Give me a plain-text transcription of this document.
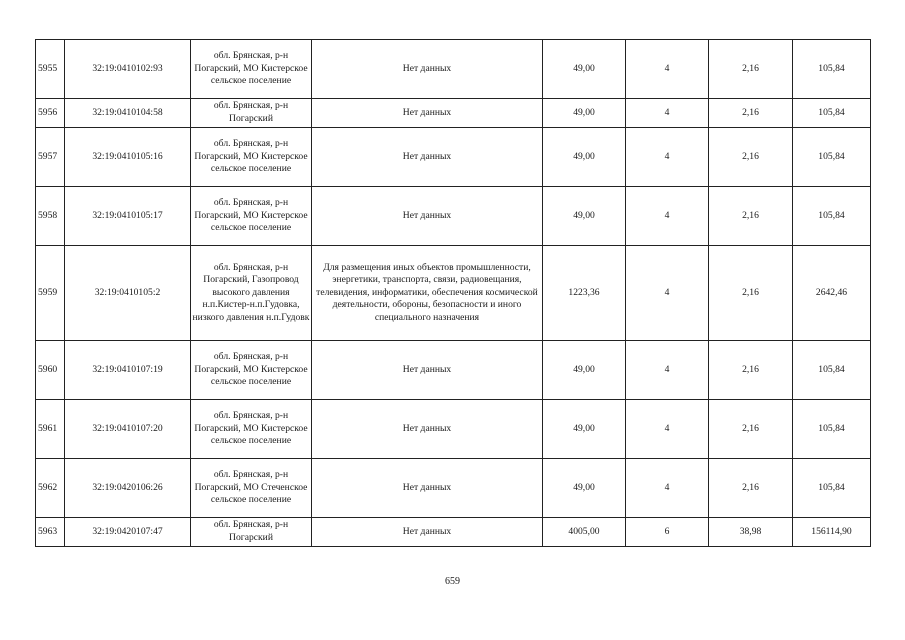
5955	32:19:0410102:93	обл. Брянская, р-н Погарский, МО Кистерское сельское поселение	Нет данных	49,00	4	2,16	105,84
5956	32:19:0410104:58	обл. Брянская, р-н Погарский	Нет данных	49,00	4	2,16	105,84
5957	32:19:0410105:16	обл. Брянская, р-н Погарский, МО Кистерское сельское поселение	Нет данных	49,00	4	2,16	105,84
5958	32:19:0410105:17	обл. Брянская, р-н Погарский, МО Кистерское сельское поселение	Нет данных	49,00	4	2,16	105,84
5959	32:19:0410105:2	обл. Брянская, р-н Погарский, Газопровод высокого давления н.п.Кистер-н.п.Гудовка, низкого давления н.п.Гудовк	Для размещения иных объектов промышленности, энергетики, транспорта, связи, радиовещания, телевидения, информатики, обеспечения космической деятельности, обороны, безопасности и иного специального назначения	1223,36	4	2,16	2642,46
5960	32:19:0410107:19	обл. Брянская, р-н Погарский, МО Кистерское сельское поселение	Нет данных	49,00	4	2,16	105,84
5961	32:19:0410107:20	обл. Брянская, р-н Погарский, МО Кистерское сельское поселение	Нет данных	49,00	4	2,16	105,84
5962	32:19:0420106:26	обл. Брянская, р-н Погарский, МО Стеченское сельское поселение	Нет данных	49,00	4	2,16	105,84
5963	32:19:0420107:47	обл. Брянская, р-н Погарский	Нет данных	4005,00	6	38,98	156114,90
659
